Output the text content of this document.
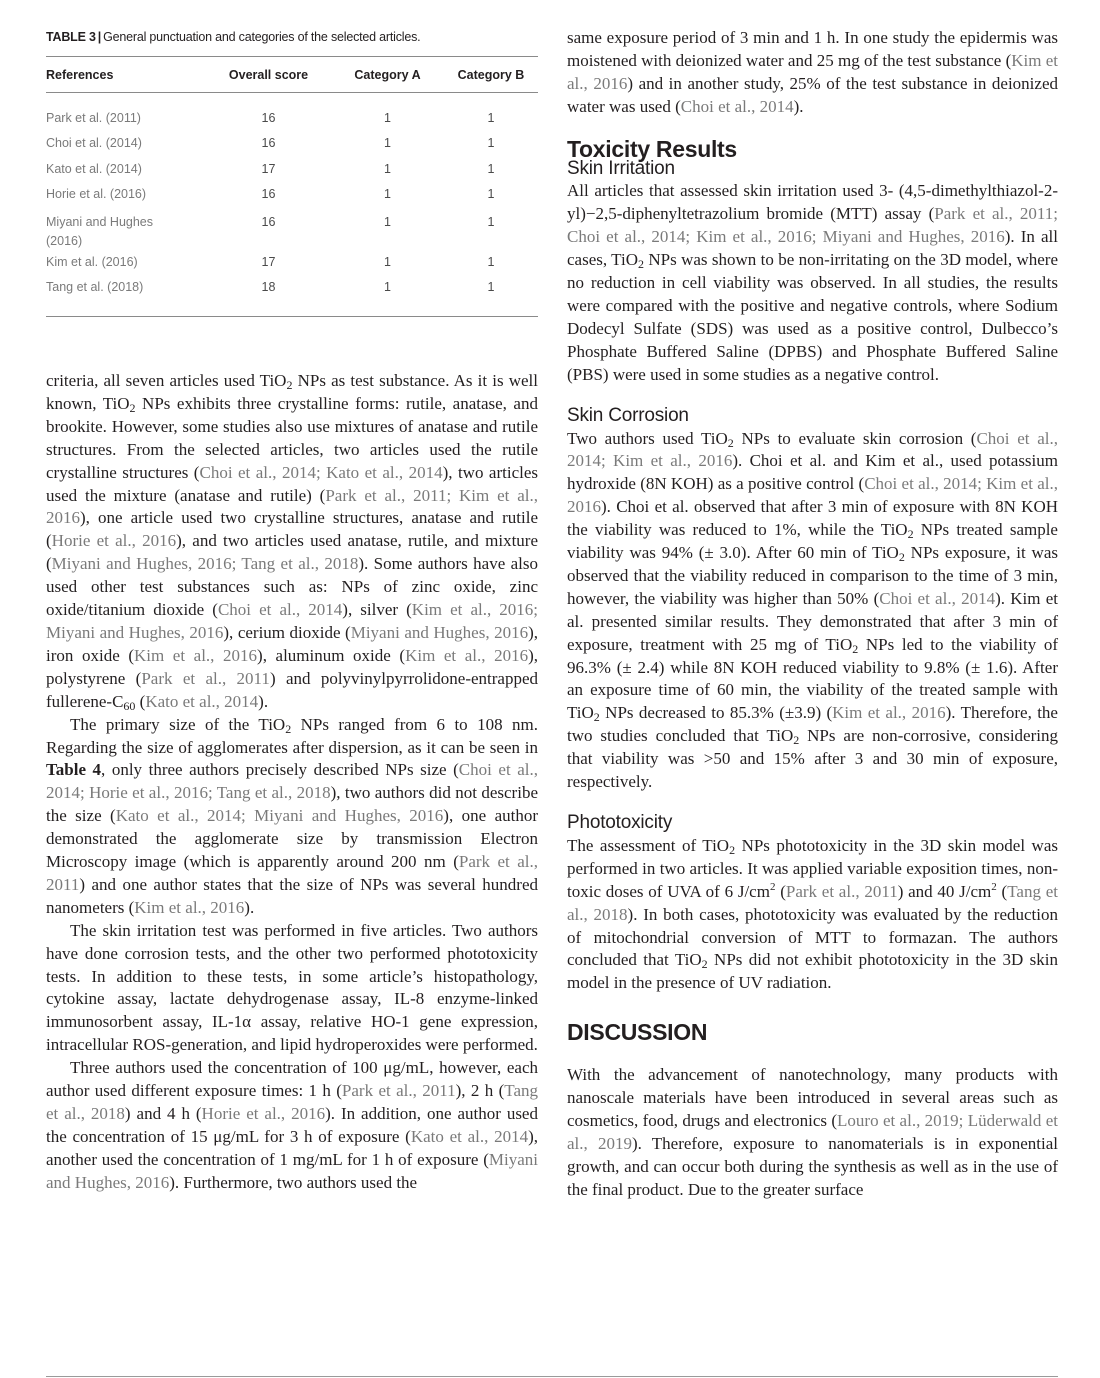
TABLE 3 | General punctuation and categories of the selected articles.
References	Overall score	Category A	Category B
Park et al. (2011)	16	1	1
Choi et al. (2014)	16	1	1
Kato et al. (2014)	17	1	1
Horie et al. (2016)	16	1	1
Miyani and Hughes (2016)	16	1	1
Kim et al. (2016)	17	1	1
Tang et al. (2018)	18	1	1

criteria, all seven articles used TiO$_2$ NPs as test substance. As it is well known, TiO$_2$ NPs exhibits three crystalline forms: rutile, anatase, and brookite. However, some studies also use mixtures of anatase and rutile structures. From the selected articles, two articles used the rutile crystalline structures (Choi et al., 2014; Kato et al., 2014), two articles used the mixture (anatase and rutile) (Park et al., 2011; Kim et al., 2016), one article used two crystalline structures, anatase and rutile (Horie et al., 2016), and two articles used anatase, rutile, and mixture (Miyani and Hughes, 2016; Tang et al., 2018). Some authors have also used other test substances such as: NPs of zinc oxide, zinc oxide/titanium dioxide (Choi et al., 2014), silver (Kim et al., 2016; Miyani and Hughes, 2016), cerium dioxide (Miyani and Hughes, 2016), iron oxide (Kim et al., 2016), aluminum oxide (Kim et al., 2016), polystyrene (Park et al., 2011) and polyvinylpyrrolidone-entrapped fullerene-$C_{60}$ (Kato et al., 2014).

The primary size of the TiO$_2$ NPs ranged from 6 to 108 nm. Regarding the size of agglomerates after dispersion, as it can be seen in Table 4, only three authors precisely described NPs size (Choi et al., 2014; Horie et al., 2016; Tang et al., 2018), two authors did not describe the size (Kato et al., 2014; Miyani and Hughes, 2016), one author demonstrated the agglomerate size by transmission Electron Microscopy image (which is apparently around 200 nm (Park et al., 2011) and one author states that the size of NPs was several hundred nanometers (Kim et al., 2016).

The skin irritation test was performed in five articles. Two authors have done corrosion tests, and the other two performed phototoxicity tests. In addition to these tests, in some article’s histopathology, cytokine assay, lactate dehydrogenase assay, IL-8 enzyme-linked immunosorbent assay, IL-1α assay, relative HO-1 gene expression, intracellular ROS-generation, and lipid hydroperoxides were performed.

Three authors used the concentration of 100 μg/mL, however, each author used different exposure times: 1 h (Park et al., 2011), 2 h (Tang et al., 2018) and 4 h (Horie et al., 2016). In addition, one author used the concentration of 15 μg/mL for 3 h of exposure (Kato et al., 2014), another used the concentration of 1 mg/mL for 1 h of exposure (Miyani and Hughes, 2016). Furthermore, two authors used the

same exposure period of 3 min and 1 h. In one study the epidermis was moistened with deionized water and 25 mg of the test substance (Kim et al., 2016) and in another study, 25% of the test substance in deionized water was used (Choi et al., 2014).

Toxicity Results
Skin Irritation

All articles that assessed skin irritation used 3- (4,5-dimethylthiazol-2-yl)−2,5-diphenyltetrazolium bromide (MTT) assay (Park et al., 2011; Choi et al., 2014; Kim et al., 2016; Miyani and Hughes, 2016). In all cases, TiO$_2$ NPs was shown to be non-irritating on the 3D model, where no reduction in cell viability was observed. In all studies, the results were compared with the positive and negative controls, where Sodium Dodecyl Sulfate (SDS) was used as a positive control, Dulbecco’s Phosphate Buffered Saline (DPBS) and Phosphate Buffered Saline (PBS) were used in some studies as a negative control.

Skin Corrosion

Two authors used TiO$_2$ NPs to evaluate skin corrosion (Choi et al., 2014; Kim et al., 2016). Choi et al. and Kim et al., used potassium hydroxide (8N KOH) as a positive control (Choi et al., 2014; Kim et al., 2016). Choi et al. observed that after 3 min of exposure with 8N KOH the viability was reduced to 1%, while the TiO$_2$ NPs treated sample viability was 94% (± 3.0). After 60 min of TiO$_2$ NPs exposure, it was observed that the viability reduced in comparison to the time of 3 min, however, the viability was higher than 50% (Choi et al., 2014). Kim et al. presented similar results. They demonstrated that after 3 min of exposure, treatment with 25 mg of TiO$_2$ NPs led to the viability of 96.3% (± 2.4) while 8N KOH reduced viability to 9.8% (± 1.6). After an exposure time of 60 min, the viability of the treated sample with TiO$_2$ NPs decreased to 85.3% (±3.9) (Kim et al., 2016). Therefore, the two studies concluded that TiO$_2$ NPs are non-corrosive, considering that viability was >50 and 15% after 3 and 30 min of exposure, respectively.

Phototoxicity

The assessment of TiO$_2$ NPs phototoxicity in the 3D skin model was performed in two articles. It was applied variable exposition times, non-toxic doses of UVA of 6 $J/cm^2$ (Park et al., 2011) and 40 $J/cm^2$ (Tang et al., 2018). In both cases, phototoxicity was evaluated by the reduction of mitochondrial conversion of MTT to formazan. The authors concluded that TiO$_2$ NPs did not exhibit phototoxicity in the 3D skin model in the presence of UV radiation.

DISCUSSION

With the advancement of nanotechnology, many products with nanoscale materials have been introduced in several areas such as cosmetics, food, drugs and electronics (Louro et al., 2019; Lüderwald et al., 2019). Therefore, exposure to nanomaterials is in exponential growth, and can occur both during the synthesis as well as in the use of the final product. Due to the greater surface
